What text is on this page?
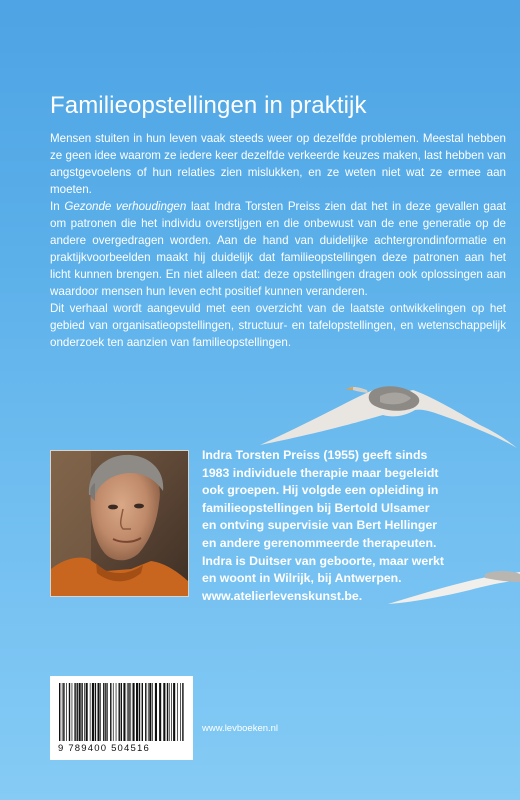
Familieopstellingen in praktijk

Mensen stuiten in hun leven vaak steeds weer op dezelfde problemen. Meestal hebben ze geen idee waarom ze iedere keer dezelfde verkeerde keuzes maken, last hebben van angstgevoelens of hun relaties zien mislukken, en ze weten niet wat ze ermee aan moeten.

In Gezonde verhoudingen laat Indra Torsten Preiss zien dat het in deze gevallen gaat om patronen die het individu overstijgen en die onbewust van de ene generatie op de andere overgedragen worden. Aan de hand van duidelijke achtergrondinformatie en praktijkvoorbeelden maakt hij duidelijk dat familieopstellingen deze patronen aan het licht kunnen brengen. En niet alleen dat: deze opstellingen dragen ook oplossingen aan waardoor mensen hun leven echt positief kunnen veranderen.

Dit verhaal wordt aangevuld met een overzicht van de laatste ontwikkelingen op het gebied van organisatieopstellingen, structuur- en tafelopstellingen, en wetenschappelijk onderzoek ten aanzien van familieopstellingen.

Indra Torsten Preiss (1955) geeft sinds
1983 individuele therapie maar begeleidt
ook groepen. Hij volgde een opleiding in
familieopstellingen bij Bertold Ulsamer
en ontving supervisie van Bert Hellinger
en andere gerenommeerde therapeuten.
Indra is Duitser van geboorte, maar werkt
en woont in Wilrijk, bij Antwerpen.
www.atelierlevenskunst.be.
9 789400 504516
www.levboeken.nl
